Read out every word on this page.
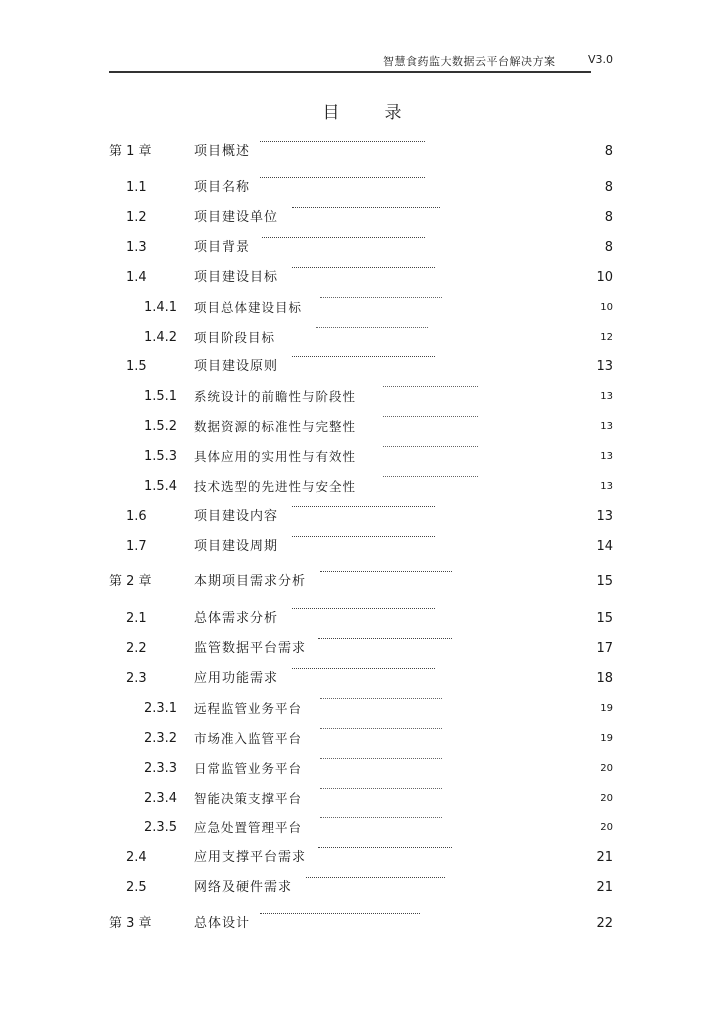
智慧食药监大数据云平台解决方案	V3.0
目录
第 1 章	项目概述	8
1.1	项目名称	8
1.2	项目建设单位	8
1.3	项目背景	8
1.4	项目建设目标	10
1.4.1 项目总体建设目标	10
1.4.2 项目阶段目标	12
1.5	项目建设原则	13
1.5.1 系统设计的前瞻性与阶段性	13
1.5.2 数据资源的标准性与完整性	13
1.5.3 具体应用的实用性与有效性	13
1.5.4 技术选型的先进性与安全性	13
1.6	项目建设内容	13
1.7	项目建设周期	14
第 2 章	本期项目需求分析	15
2.1	总体需求分析	15
2.2	监管数据平台需求	17
2.3	应用功能需求	18
2.3.1 远程监管业务平台	19
2.3.2 市场准入监管平台	19
2.3.3 日常监管业务平台	20
2.3.4 智能决策支撑平台	20
2.3.5 应急处置管理平台	20
2.4	应用支撑平台需求	21
2.5	网络及硬件需求	21
第 3 章	总体设计	22
